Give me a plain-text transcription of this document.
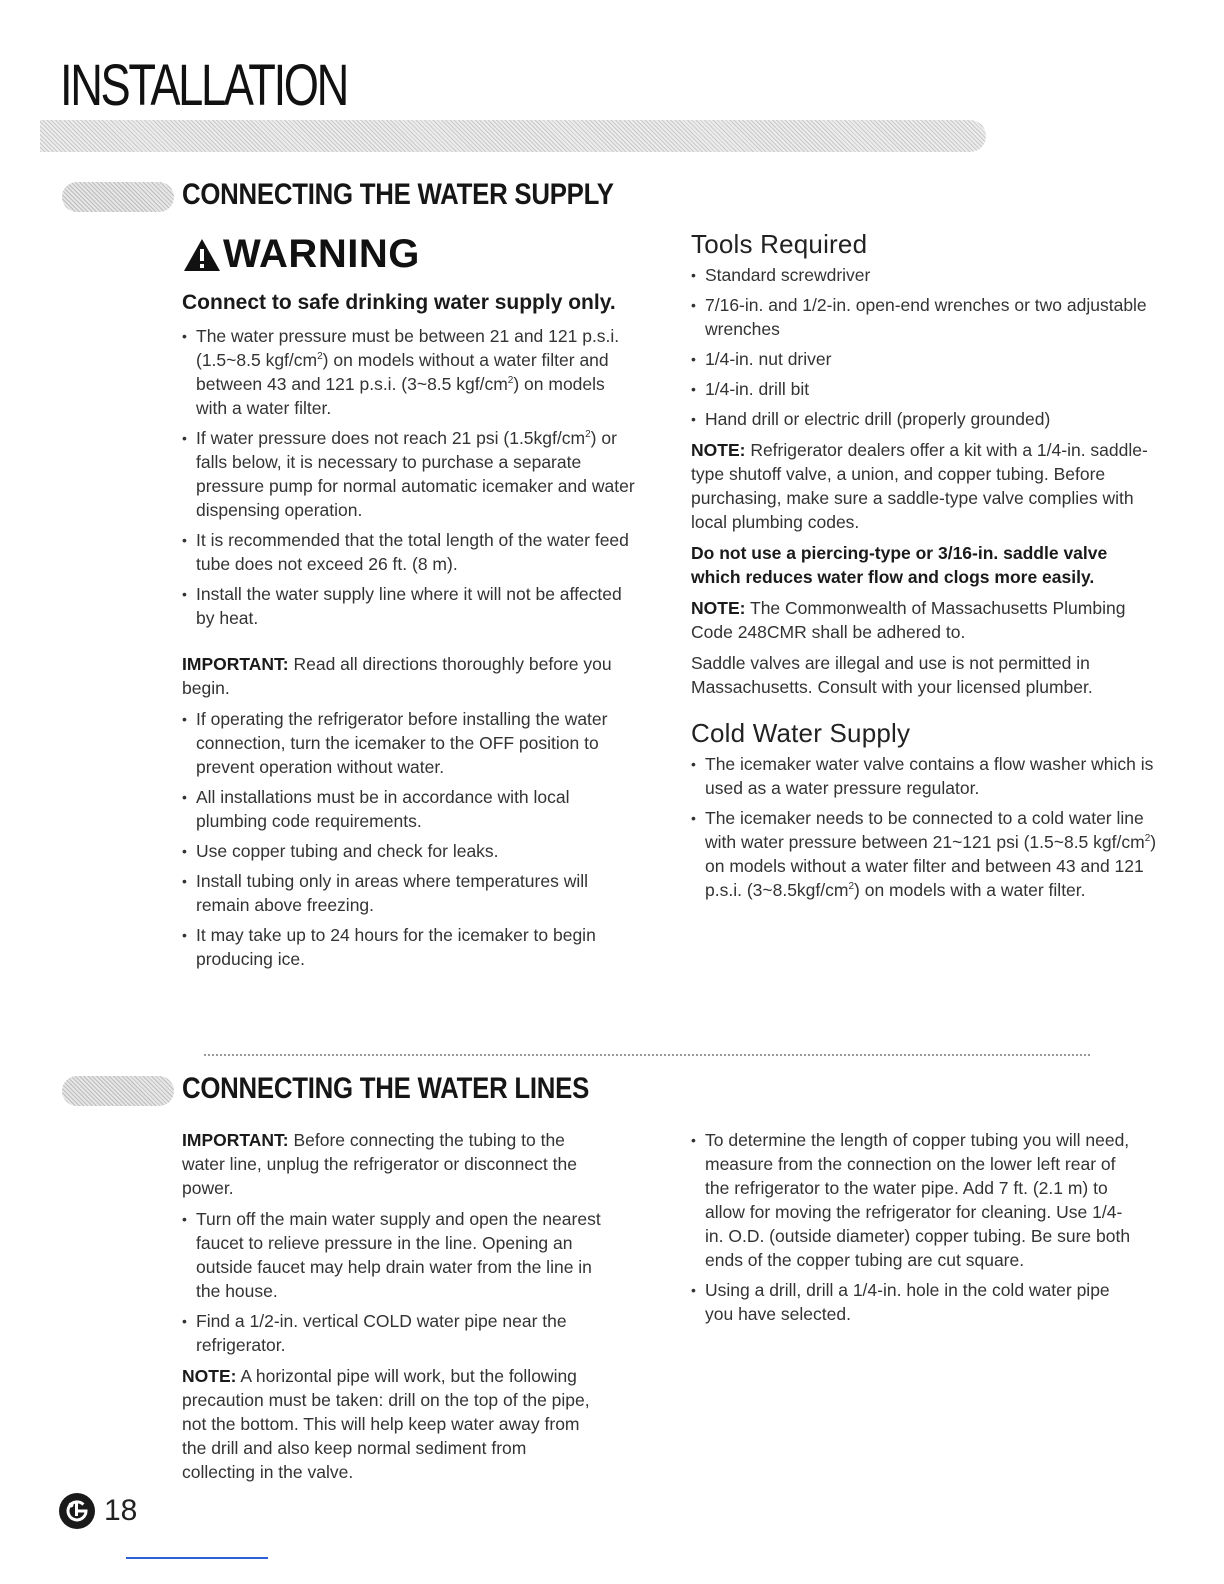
INSTALLATION
CONNECTING THE WATER SUPPLY
WARNING

Connect to safe drinking water supply only.

• The water pressure must be between 21 and 121 p.s.i. (1.5~8.5 kgf/$cm^2$) on models without a water filter and between 43 and 121 p.s.i. (3~8.5 kgf/$cm^2$) on models with a water filter.
• If water pressure does not reach 21 psi $(1.5kgf/cm^2)$ or falls below, it is necessary to purchase a separate pressure pump for normal automatic icemaker and water dispensing operation.
• It is recommended that the total length of the water feed tube does not exceed 26 ft. (8 m).
• Install the water supply line where it will not be affected by heat.

IMPORTANT: Read all directions thoroughly before you begin.

• If operating the refrigerator before installing the water connection, turn the icemaker to the OFF position to prevent operation without water.
• All installations must be in accordance with local plumbing code requirements.
• Use copper tubing and check for leaks.
• Install tubing only in areas where temperatures will remain above freezing.
• It may take up to 24 hours for the icemaker to begin producing ice.

Tools Required

• Standard screwdriver
• 7/16-in. and 1/2-in. open-end wrenches or two adjustable wrenches
• 1/4-in. nut driver
• 1/4-in. drill bit
• Hand drill or electric drill (properly grounded)

NOTE: Refrigerator dealers offer a kit with a 1/4-in. saddle-type shutoff valve, a union, and copper tubing. Before purchasing, make sure a saddle-type valve complies with local plumbing codes.

Do not use a piercing-type or 3/16-in. saddle valve which reduces water flow and clogs more easily.

NOTE: The Commonwealth of Massachusetts Plumbing Code 248CMR shall be adhered to.

Saddle valves are illegal and use is not permitted in Massachusetts. Consult with your licensed plumber.

Cold Water Supply

• The icemaker water valve contains a flow washer which is used as a water pressure regulator.
• The icemaker needs to be connected to a cold water line with water pressure between 21~121 psi (1.5~8.5 kgf/$cm^2$) on models without a water filter and between 43 and 121 p.s.i. $(3\sim 8.5kgf/cm^2)$ on models with a water filter.
CONNECTING THE WATER LINES

IMPORTANT: Before connecting the tubing to the water line, unplug the refrigerator or disconnect the power.

• Turn off the main water supply and open the nearest faucet to relieve pressure in the line. Opening an outside faucet may help drain water from the line in the house.
• Find a 1/2-in. vertical COLD water pipe near the refrigerator.

NOTE: A horizontal pipe will work, but the following precaution must be taken: drill on the top of the pipe, not the bottom. This will help keep water away from the drill and also keep normal sediment from collecting in the valve.

• To determine the length of copper tubing you will need, measure from the connection on the lower left rear of the refrigerator to the water pipe. Add 7 ft. (2.1 m) to allow for moving the refrigerator for cleaning. Use 1/4-in. O.D. (outside diameter) copper tubing. Be sure both ends of the copper tubing are cut square.
• Using a drill, drill a 1/4-in. hole in the cold water pipe you have selected.
18
